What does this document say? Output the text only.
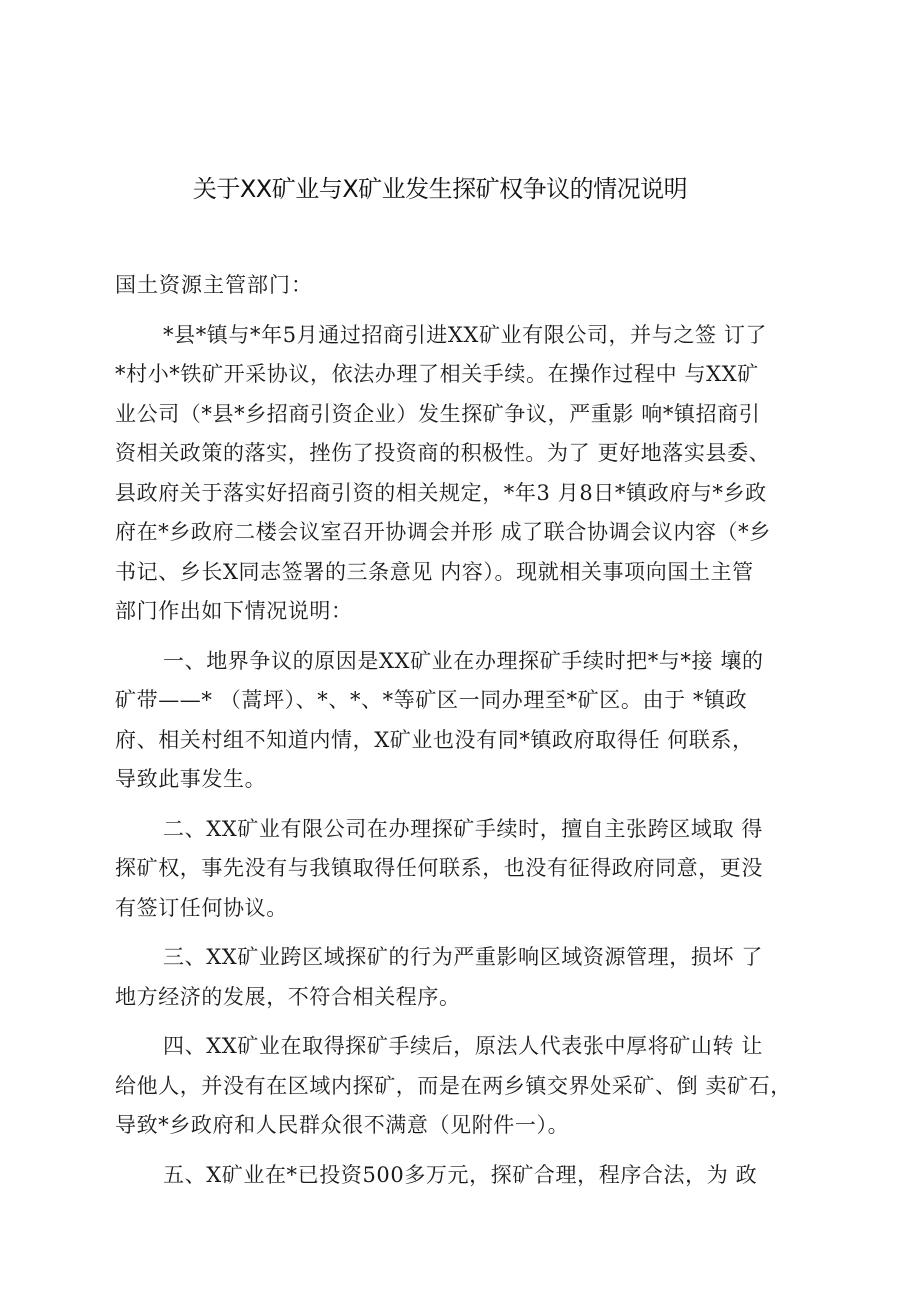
关于XX矿业与X矿业发生探矿权争议的情况说明
国土资源主管部门：
*县*镇与*年5月通过招商引进XX矿业有限公司，并与之签 订了
*村小*铁矿开采协议，依法办理了相关手续。在操作过程中 与XX矿
业公司（*县*乡招商引资企业）发生探矿争议，严重影 响*镇招商引
资相关政策的落实，挫伤了投资商的积极性。为了 更好地落实县委、
县政府关于落实好招商引资的相关规定，*年3 月8日*镇政府与*乡政
府在*乡政府二楼会议室召开协调会并形 成了联合协调会议内容（*乡
书记、乡长X同志签署的三条意见 内容）。现就相关事项向国土主管
部门作出如下情况说明：
一、地界争议的原因是XX矿业在办理探矿手续时把*与*接 壤的
矿带——* （蒿坪）、*、*、*等矿区一同办理至*矿区。由于 *镇政
府、相关村组不知道内情，X矿业也没有同*镇政府取得任 何联系，
导致此事发生。
二、XX矿业有限公司在办理探矿手续时，擅自主张跨区域取 得
探矿权，事先没有与我镇取得任何联系，也没有征得政府同意，更没
有签订任何协议。
三、XX矿业跨区域探矿的行为严重影响区域资源管理，损坏 了
地方经济的发展，不符合相关程序。
四、XX矿业在取得探矿手续后，原法人代表张中厚将矿山转 让
给他人，并没有在区域内探矿，而是在两乡镇交界处采矿、倒 卖矿石，
导致*乡政府和人民群众很不满意（见附件一）。
五、X矿业在*已投资500多万元，探矿合理，程序合法，为 政
